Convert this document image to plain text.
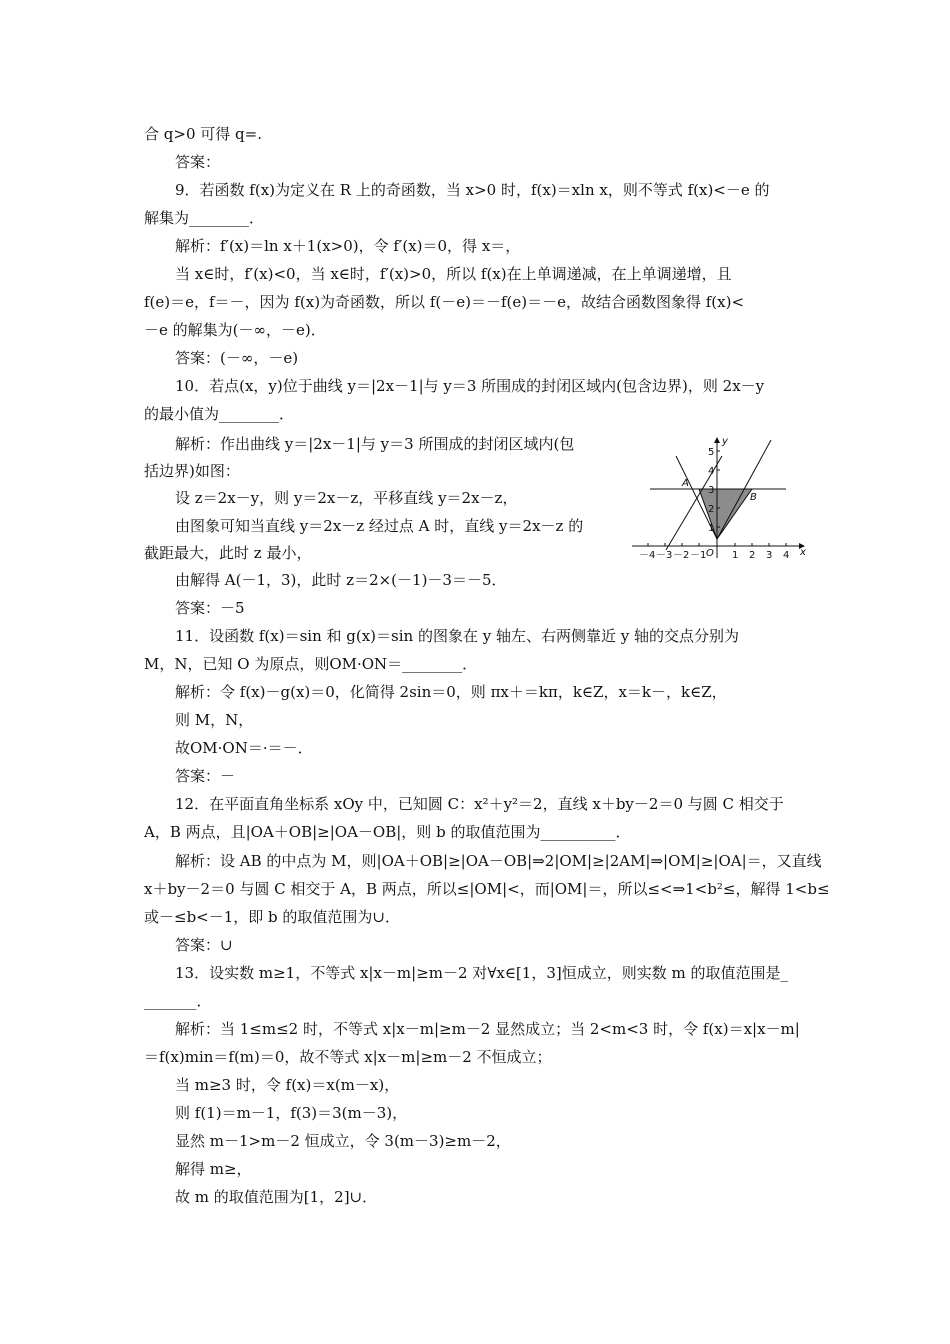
合 q>0 可得 q=.
答案：
9．若函数 f(x)为定义在 R 上的奇函数，当 x>0 时，f(x)＝xln x，则不等式 f(x)<－e 的
解集为________．
解析：f′(x)＝ln x＋1(x>0)，令 f′(x)＝0，得 x＝，
当 x∈时，f′(x)<0，当 x∈时，f′(x)>0，所以 f(x)在上单调递减，在上单调递增，且
f(e)＝e，f＝－，因为 f(x)为奇函数，所以 f(－e)＝－f(e)＝－e，故结合函数图象得 f(x)<
－e 的解集为(－∞，－e)．
答案：(－∞，－e)
10．若点(x，y)位于曲线 y＝|2x－1|与 y＝3 所围成的封闭区域内(包含边界)，则 2x－y
的最小值为________．
解析：作出曲线 y＝|2x－1|与 y＝3 所围成的封闭区域内(包
括边界)如图：
设 z＝2x－y，则 y＝2x－z，平移直线 y＝2x－z，
由图象可知当直线 y＝2x－z 经过点 A 时，直线 y＝2x－z 的
截距最大，此时 z 最小，
由解得 A(－1，3)，此时 z＝2×(－1)－3＝－5．
答案：－5
11．设函数 f(x)＝sin 和 g(x)＝sin 的图象在 y 轴左、右两侧靠近 y 轴的交点分别为
M，N，已知 O 为原点，则OM·ON＝________．
解析：令 f(x)－g(x)＝0，化简得 2sin＝0，则 πx＋＝kπ，k∈Z，x＝k－，k∈Z，
则 M，N，
故OM·ON＝·＝－．
答案：－
12．在平面直角坐标系 xOy 中，已知圆 C：x²＋y²＝2，直线 x＋by－2＝0 与圆 C 相交于
A，B 两点，且|OA＋OB|≥|OA－OB|，则 b 的取值范围为__________．
解析：设 AB 的中点为 M，则|OA＋OB|≥|OA－OB|⇒2|OM|≥|2AM|⇒|OM|≥|OA|＝，又直线
x＋by－2＝0 与圆 C 相交于 A，B 两点，所以≤|OM|<，而|OM|＝，所以≤<⇒1<b²≤，解得 1<b≤
或－≤b<－1，即 b 的取值范围为∪．
答案：∪
13．设实数 m≥1，不等式 x|x－m|≥m－2 对∀x∈[1，3]恒成立，则实数 m 的取值范围是_
_______．
解析：当 1≤m≤2 时，不等式 x|x－m|≥m－2 显然成立；当 2<m<3 时，令 f(x)＝x|x－m|
＝f(x)min＝f(m)＝0，故不等式 x|x－m|≥m－2 不恒成立；
当 m≥3 时，令 f(x)＝x(m－x)，
则 f(1)＝m－1，f(3)＝3(m－3)，
显然 m－1>m－2 恒成立，令 3(m－3)≥m－2，
解得 m≥，
故 m 的取值范围为[1，2]∪．
－4 －3 －2 －1	1 2 3 4
1
2
3
4
5
x
y
O
A
B
